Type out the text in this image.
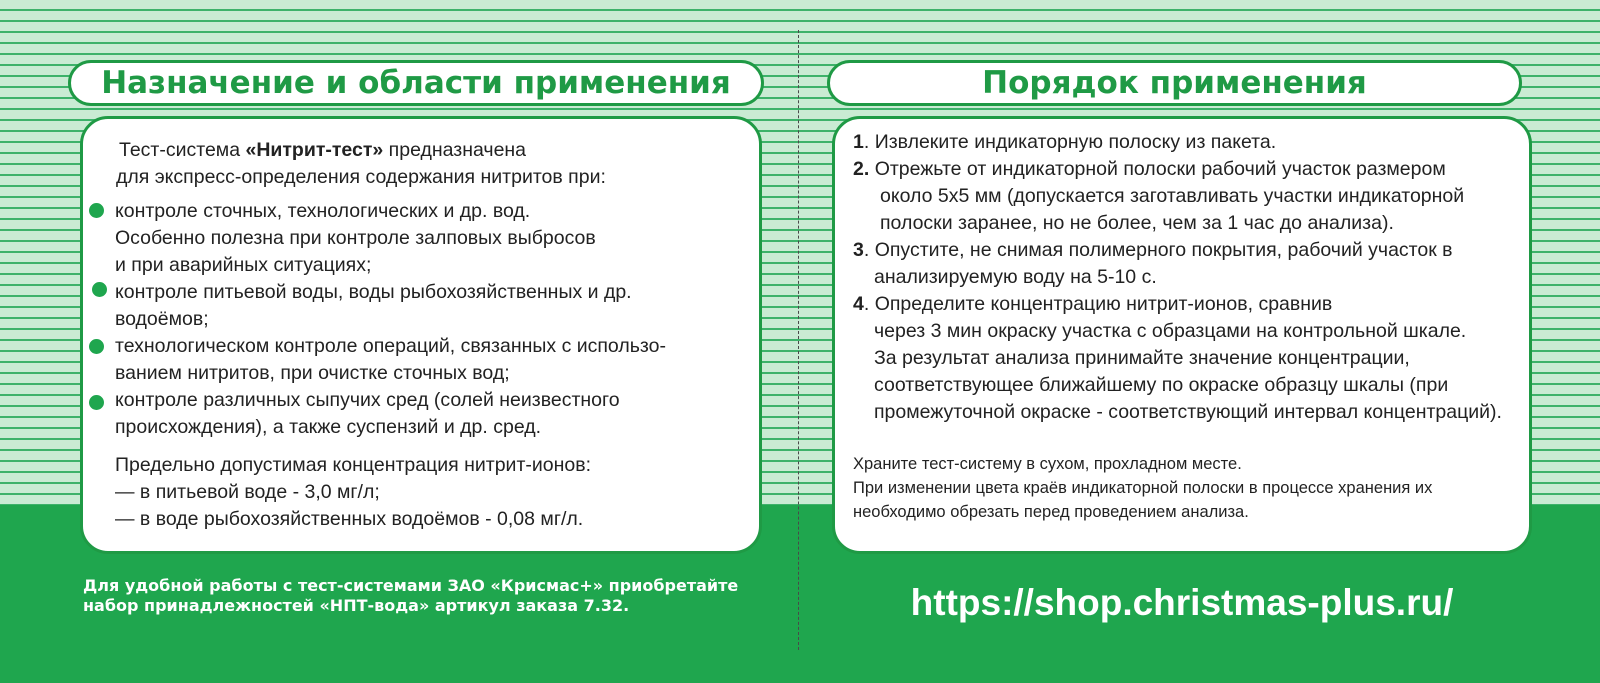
Назначение и области применения
Тест-система «Нитрит-тест» предназначена
для экспресс-определения содержания нитритов при:
контроле сточных, технологических и др. вод.
Особенно полезна при контроле залповых выбросов
и при аварийных ситуациях;
контроле питьевой воды, воды рыбохозяйственных и др.
водоёмов;
технологическом контроле операций, связанных с использо-
ванием нитритов, при очистке сточных вод;
контроле различных сыпучих сред (солей неизвестного
происхождения), а также суспензий и др. сред.
Предельно допустимая концентрация нитрит-ионов:
— в питьевой воде - 3,0 мг/л;
— в воде рыбохозяйственных водоёмов - 0,08 мг/л.
Порядок применения
1. Извлеките индикаторную полоску из пакета.
2. Отрежьте от индикаторной полоски рабочий участок размером
около 5x5 мм (допускается заготавливать участки индикаторной
полоски заранее, но не более, чем за 1 час до анализа).
3. Опустите, не снимая полимерного покрытия, рабочий участок в
анализируемую воду на 5-10 с.
4. Определите концентрацию нитрит-ионов, сравнив
через 3 мин окраску участка с образцами на контрольной шкале.
За результат анализа принимайте значение концентрации,
соответствующее ближайшему по окраске образцу шкалы (при
промежуточной окраске - соответствующий интервал концентраций).
Храните тест-систему в сухом, прохладном месте.
При изменении цвета краёв индикаторной полоски в процессе хранения их
необходимо обрезать перед проведением анализа.
Для удобной работы с тест-системами ЗАО «Крисмас+» приобретайте
набор принадлежностей «НПТ-вода» артикул заказа 7.32.	https://shop.christmas-plus.ru/
